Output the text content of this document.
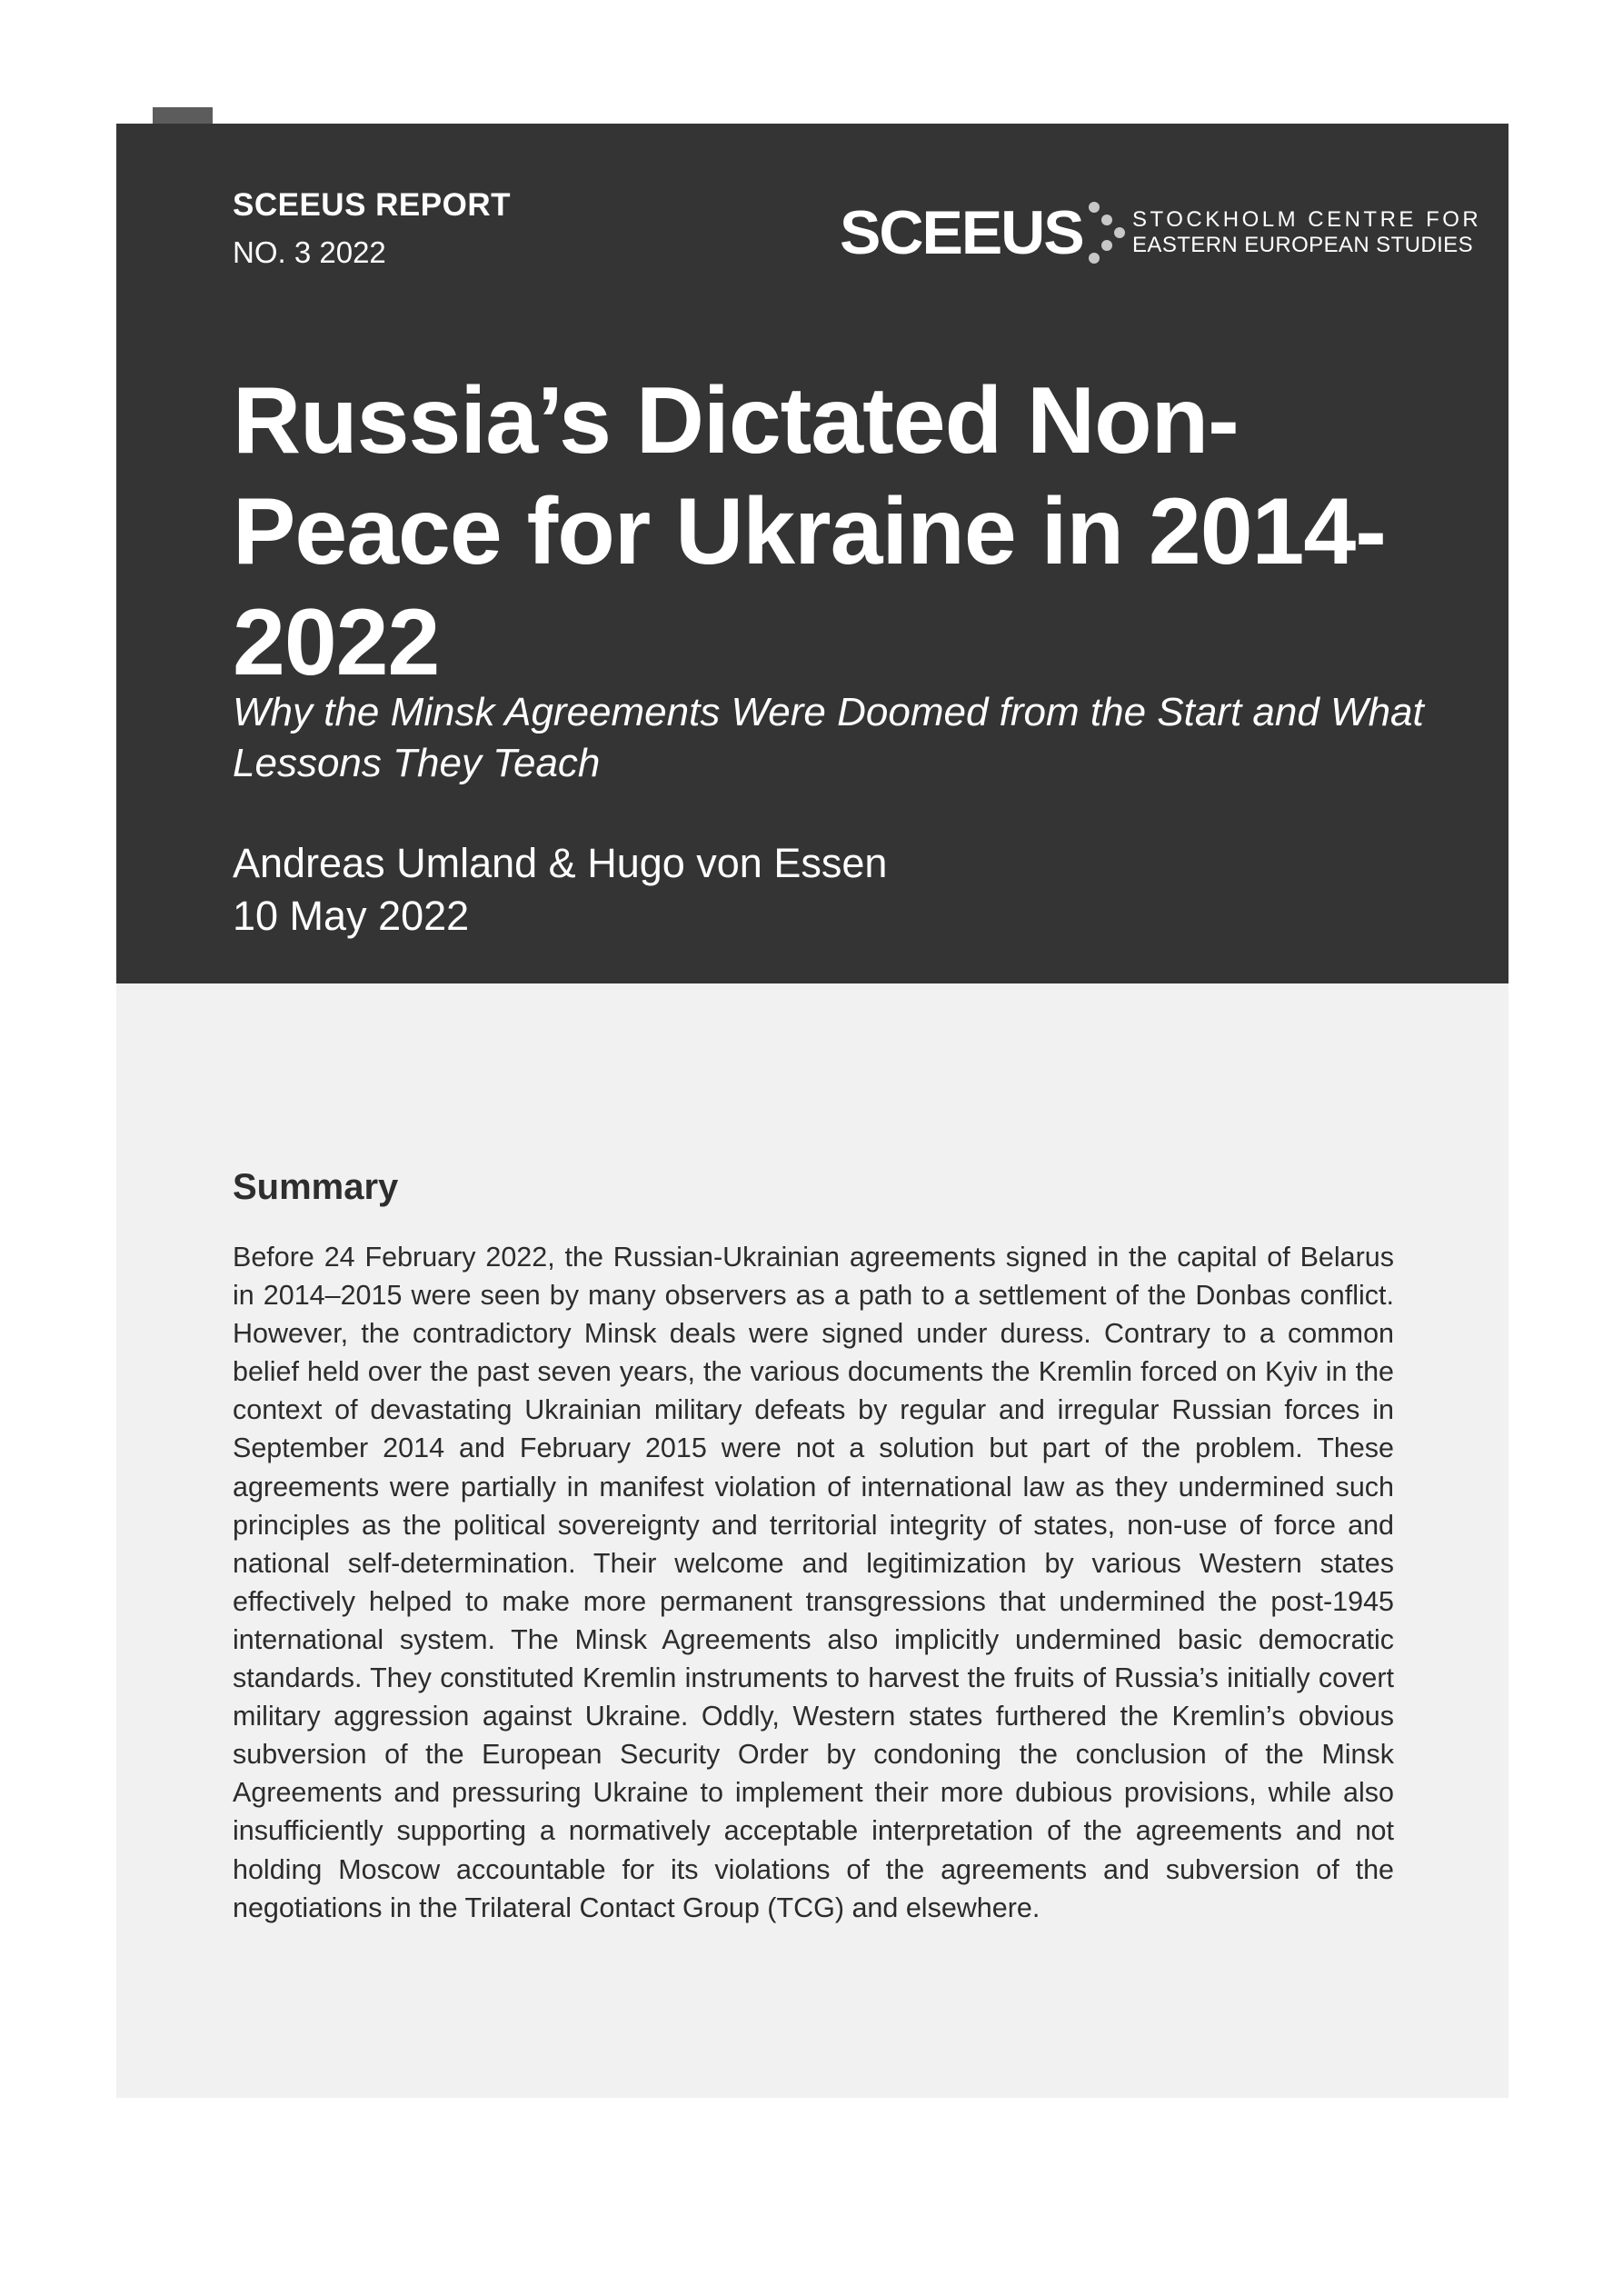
SCEEUS REPORT
NO. 3 2022	SCEEUS STOCKHOLM CENTRE FOR
EASTERN EUROPEAN STUDIES
Russia’s Dictated Non-Peace for Ukraine in 2014-2022

Why the Minsk Agreements Were Doomed from the Start and What Lessons They Teach

Andreas Umland & Hugo von Essen
10 May 2022
Summary

Before 24 February 2022, the Russian-Ukrainian agreements signed in the capital of Belarus in 2014–2015 were seen by many observers as a path to a settlement of the Donbas conflict. However, the contradictory Minsk deals were signed under duress. Contrary to a common belief held over the past seven years, the various documents the Kremlin forced on Kyiv in the context of devastating Ukrainian military defeats by regular and irregular Russian forces in September 2014 and February 2015 were not a solution but part of the problem. These agreements were partially in manifest violation of international law as they undermined such principles as the political sovereignty and territorial integrity of states, non-use of force and national self-determination. Their welcome and legitimization by various Western states effectively helped to make more permanent transgressions that undermined the post-1945 international system. The Minsk Agreements also implicitly undermined basic democratic standards. They constituted Kremlin instruments to harvest the fruits of Russia’s initially covert military aggression against Ukraine. Oddly, Western states furthered the Kremlin’s obvious subversion of the European Security Order by condoning the conclusion of the Minsk Agreements and pressuring Ukraine to implement their more dubious provisions, while also insufficiently supporting a normatively acceptable interpretation of the agreements and not holding Moscow accountable for its violations of the agreements and subversion of the negotiations in the Trilateral Contact Group (TCG) and elsewhere.
